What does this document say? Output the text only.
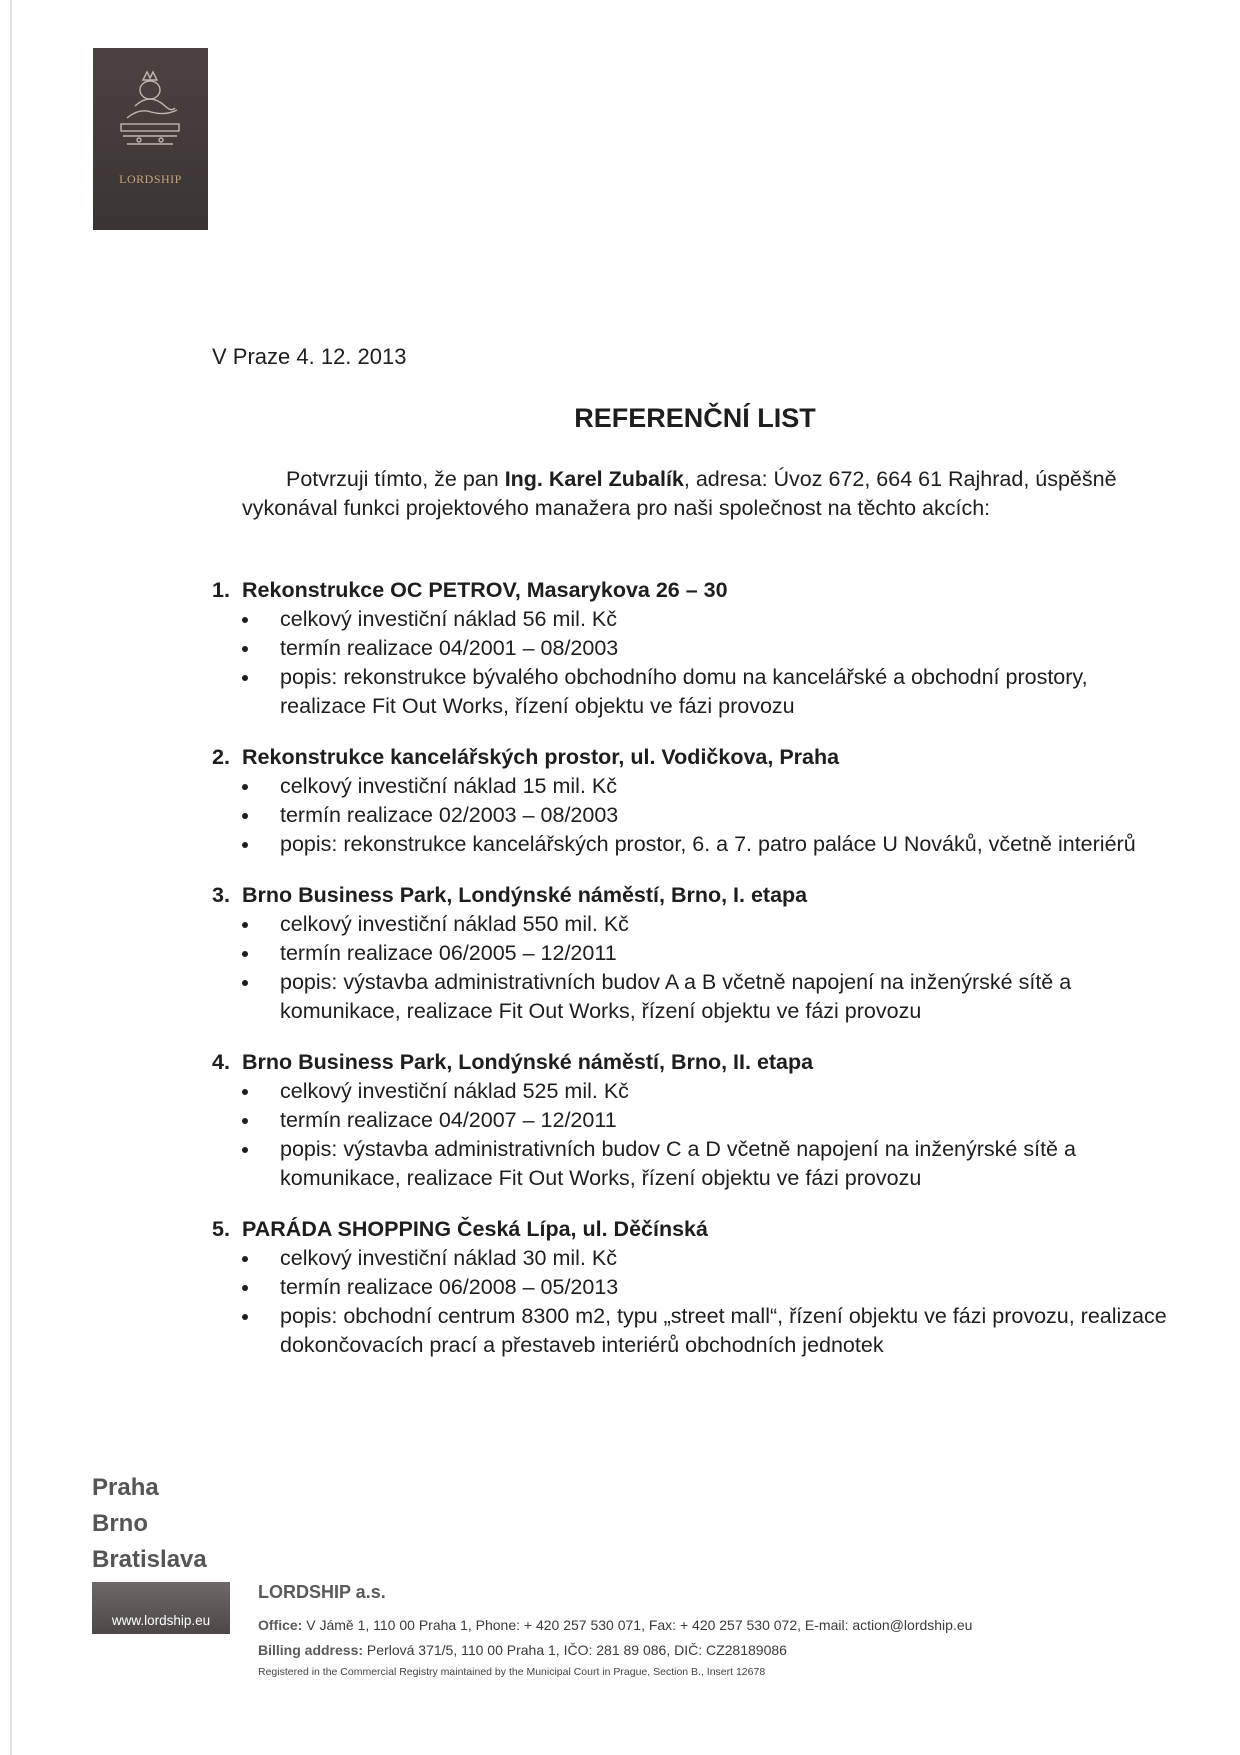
LORDSHIP
V Praze 4. 12. 2013
REFERENČNÍ LIST
Potvrzuji tímto, že pan Ing. Karel Zubalík, adresa: Úvoz 672, 664 61 Rajhrad, úspěšně vykonával funkci projektového manažera pro naši společnost na těchto akcích:
1. Rekonstrukce OC PETROV, Masarykova 26 – 30
celkový investiční náklad 56 mil. Kč
termín realizace 04/2001 – 08/2003
popis: rekonstrukce bývalého obchodního domu na kancelářské a obchodní prostory, realizace Fit Out Works, řízení objektu ve fázi provozu
2. Rekonstrukce kancelářských prostor, ul. Vodičkova, Praha
celkový investiční náklad 15 mil. Kč
termín realizace 02/2003 – 08/2003
popis: rekonstrukce kancelářských prostor, 6. a 7. patro paláce U Nováků, včetně interiérů
3. Brno Business Park, Londýnské náměstí, Brno, I. etapa
celkový investiční náklad 550 mil. Kč
termín realizace 06/2005 – 12/2011
popis: výstavba administrativních budov A a B včetně napojení na inženýrské sítě a komunikace, realizace Fit Out Works, řízení objektu ve fázi provozu
4. Brno Business Park, Londýnské náměstí, Brno, II. etapa
celkový investiční náklad 525 mil. Kč
termín realizace 04/2007 – 12/2011
popis: výstavba administrativních budov C a D včetně napojení na inženýrské sítě a komunikace, realizace Fit Out Works, řízení objektu ve fázi provozu
5. PARÁDA SHOPPING Česká Lípa, ul. Děčínská
celkový investiční náklad 30 mil. Kč
termín realizace 06/2008 – 05/2013
popis: obchodní centrum 8300 m2, typu „street mall“, řízení objektu ve fázi provozu, realizace dokončovacích prací a přestaveb interiérů obchodních jednotek
Praha
Brno
Bratislava
www.lordship.eu
LORDSHIP a.s.
Office: V Jámě 1, 110 00 Praha 1, Phone: + 420 257 530 071, Fax: + 420 257 530 072, E-mail: action@lordship.eu
Billing address: Perlová 371/5, 110 00 Praha 1, IČO: 281 89 086, DIČ: CZ28189086
Registered in the Commercial Registry maintained by the Municipal Court in Prague, Section B., Insert 12678
